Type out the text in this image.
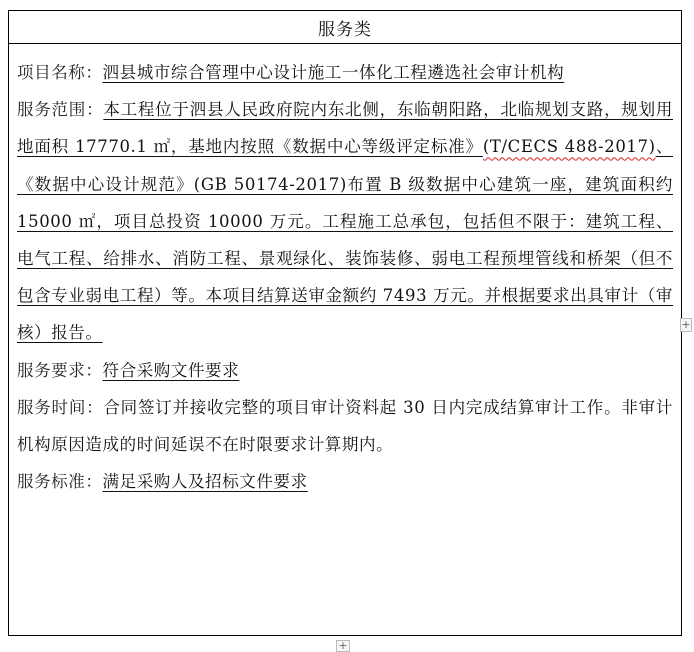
服务类

项目名称：泗县城市综合管理中心设计施工一体化工程遴选社会审计机构

服务范围：本工程位于泗县人民政府院内东北侧，东临朝阳路，北临规划支路，规划用地面积 17770.1 ㎡，基地内按照《数据中心等级评定标准》(T/CECS 488-2017)、《数据中心设计规范》(GB 50174-2017)布置 B 级数据中心建筑一座，建筑面积约 15000 ㎡，项目总投资 10000 万元。工程施工总承包，包括但不限于：建筑工程、电气工程、给排水、消防工程、景观绿化、装饰装修、弱电工程预埋管线和桥架（但不包含专业弱电工程）等。本项目结算送审金额约 7493 万元。并根据要求出具审计（审核）报告。

服务要求：符合采购文件要求

服务时间：合同签订并接收完整的项目审计资料起 30 日内完成结算审计工作。非审计机构原因造成的时间延误不在时限要求计算期内。

服务标准：满足采购人及招标文件要求

+
+
